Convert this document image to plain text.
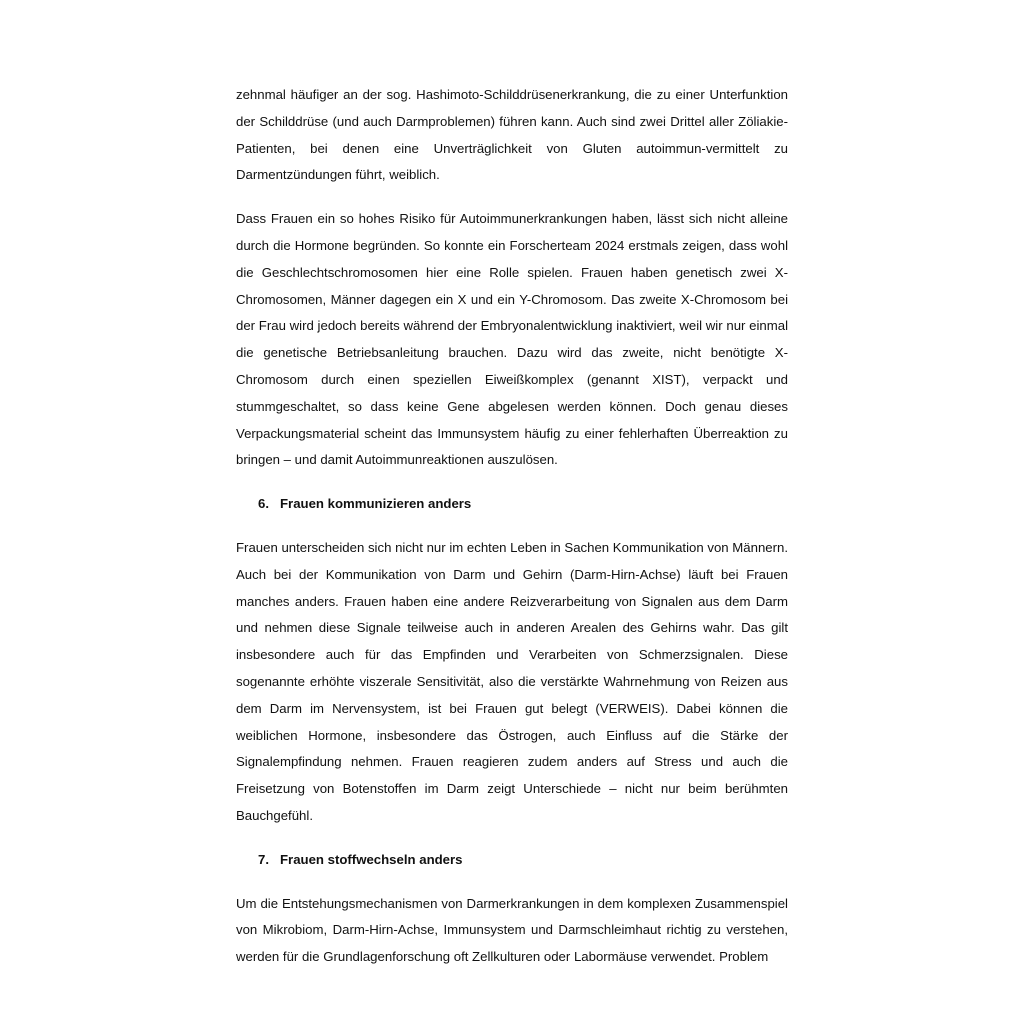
zehnmal häufiger an der sog. Hashimoto-Schilddrüsenerkrankung, die zu einer Unterfunktion der Schilddrüse (und auch Darmproblemen) führen kann. Auch sind zwei Drittel aller Zöliakie-Patienten, bei denen eine Unverträglichkeit von Gluten autoimmun-vermittelt zu Darmentzündungen führt, weiblich.

Dass Frauen ein so hohes Risiko für Autoimmunerkrankungen haben, lässt sich nicht alleine durch die Hormone begründen. So konnte ein Forscherteam 2024 erstmals zeigen, dass wohl die Geschlechtschromosomen hier eine Rolle spielen. Frauen haben genetisch zwei X-Chromosomen, Männer dagegen ein X und ein Y-Chromosom. Das zweite X-Chromosom bei der Frau wird jedoch bereits während der Embryonalentwicklung inaktiviert, weil wir nur einmal die genetische Betriebsanleitung brauchen. Dazu wird das zweite, nicht benötigte X-Chromosom durch einen speziellen Eiweißkomplex (genannt XIST), verpackt und stummgeschaltet, so dass keine Gene abgelesen werden können. Doch genau dieses Verpackungsmaterial scheint das Immunsystem häufig zu einer fehlerhaften Überreaktion zu bringen – und damit Autoimmunreaktionen auszulösen.

6. Frauen kommunizieren anders

Frauen unterscheiden sich nicht nur im echten Leben in Sachen Kommunikation von Männern. Auch bei der Kommunikation von Darm und Gehirn (Darm-Hirn-Achse) läuft bei Frauen manches anders. Frauen haben eine andere Reizverarbeitung von Signalen aus dem Darm und nehmen diese Signale teilweise auch in anderen Arealen des Gehirns wahr. Das gilt insbesondere auch für das Empfinden und Verarbeiten von Schmerzsignalen. Diese sogenannte erhöhte viszerale Sensitivität, also die verstärkte Wahrnehmung von Reizen aus dem Darm im Nervensystem, ist bei Frauen gut belegt (VERWEIS). Dabei können die weiblichen Hormone, insbesondere das Östrogen, auch Einfluss auf die Stärke der Signalempfindung nehmen. Frauen reagieren zudem anders auf Stress und auch die Freisetzung von Botenstoffen im Darm zeigt Unterschiede – nicht nur beim berühmten Bauchgefühl.

7. Frauen stoffwechseln anders

Um die Entstehungsmechanismen von Darmerkrankungen in dem komplexen Zusammenspiel von Mikrobiom, Darm-Hirn-Achse, Immunsystem und Darmschleimhaut richtig zu verstehen, werden für die Grundlagenforschung oft Zellkulturen oder Labormäuse verwendet. Problem
